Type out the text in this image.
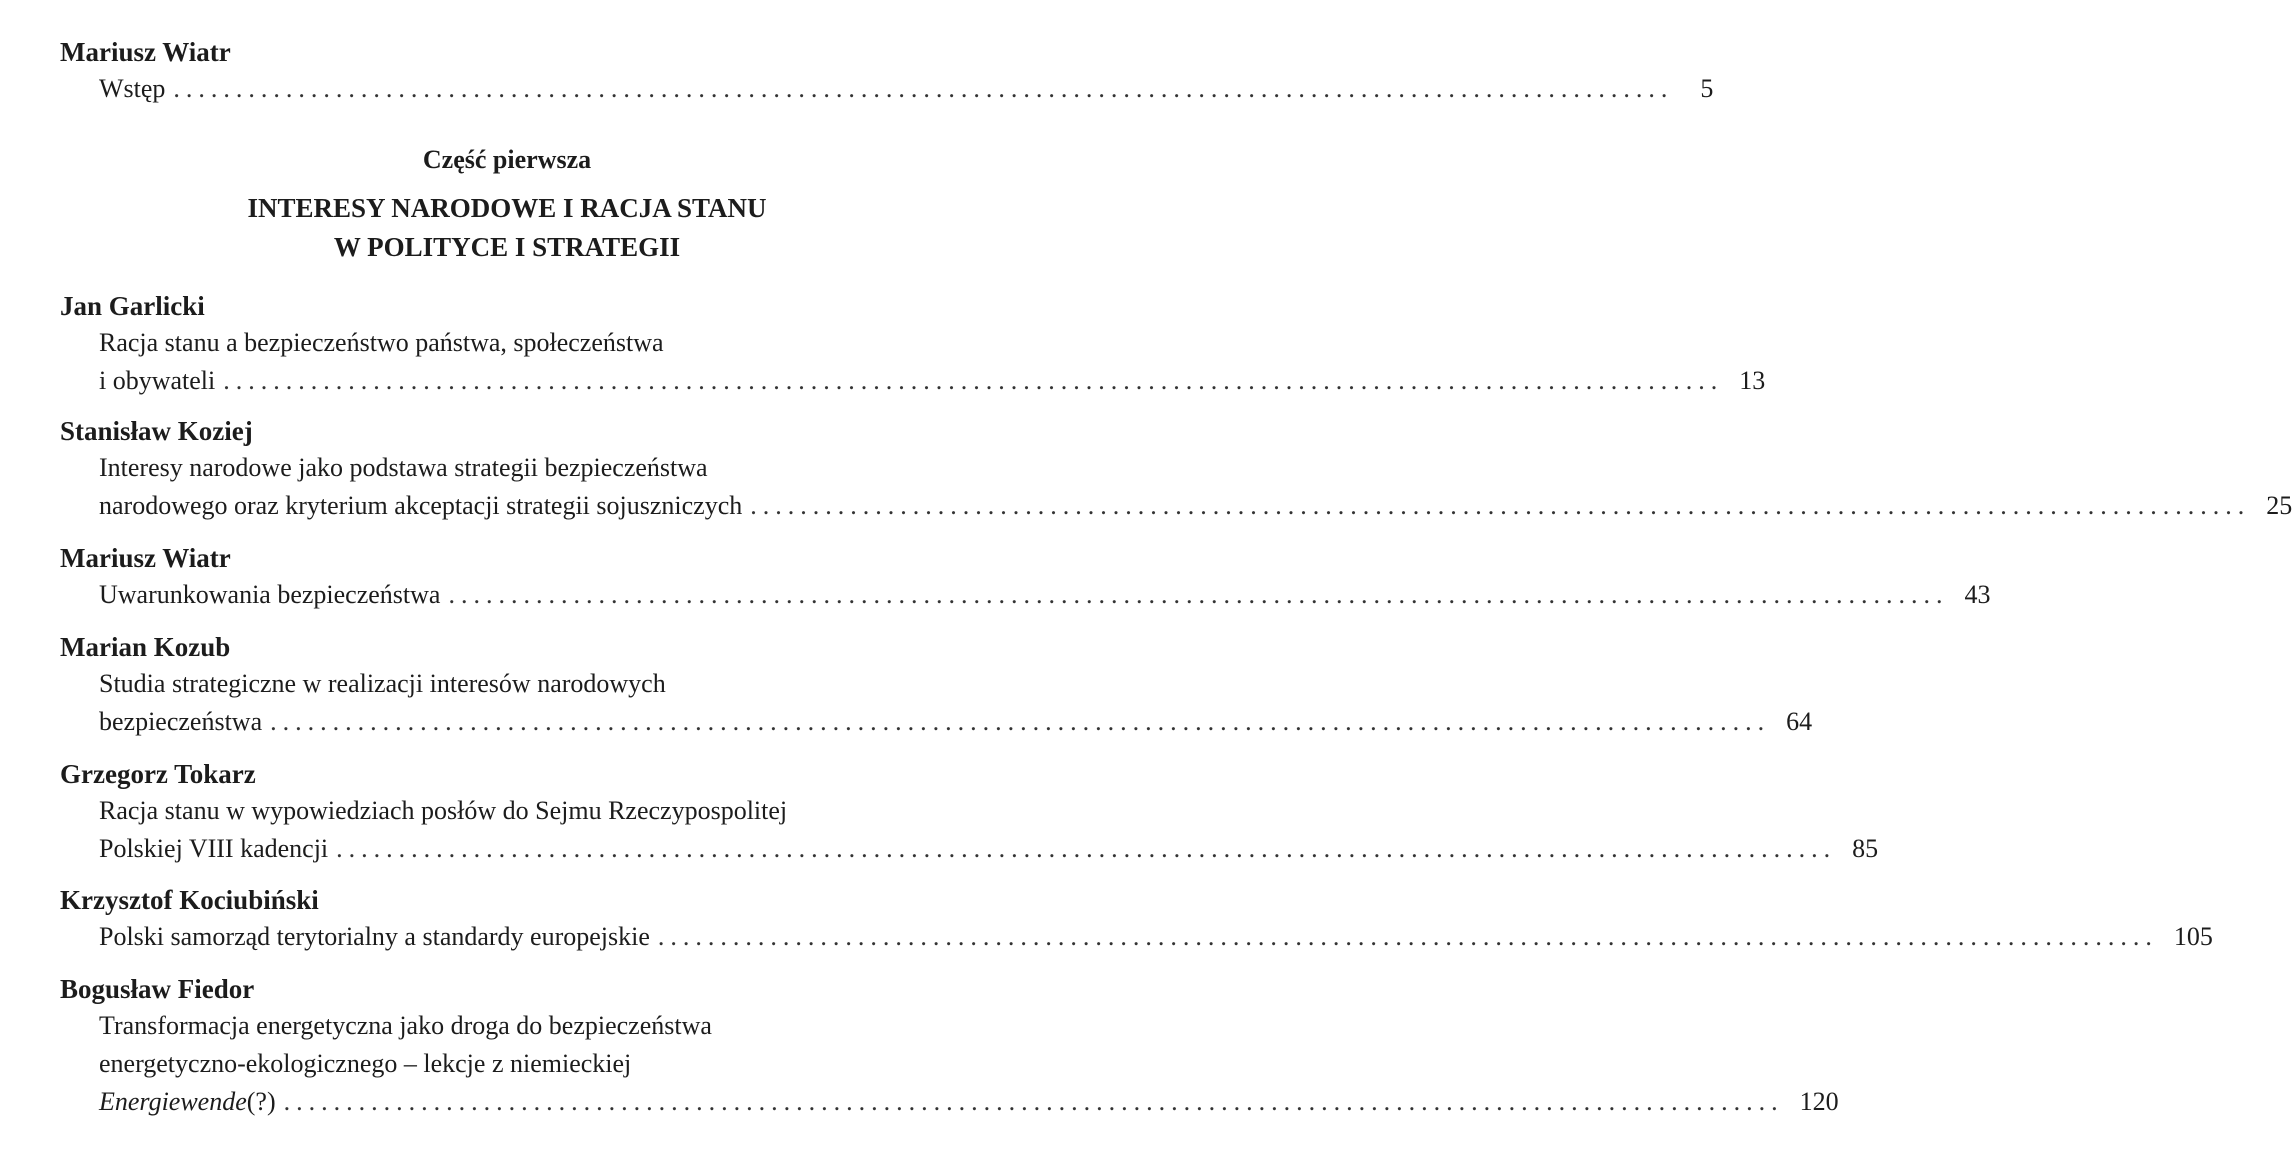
Mariusz Wiatr
Wstęp ........................................................................................................................	5
Część pierwsza
INTERESY NARODOWE I RACJA STANU
W POLITYCE I STRATEGII
Jan Garlicki
Racja stanu a bezpieczeństwo państwa, społeczeństwa
i obywateli ........................................................................................................................ 13
Stanisław Koziej
Interesy narodowe jako podstawa strategii bezpieczeństwa
narodowego oraz kryterium akceptacji strategii sojuszniczych ........................................................................................................................ 25
Mariusz Wiatr
Uwarunkowania bezpieczeństwa ........................................................................................................................ 43
Marian Kozub
Studia strategiczne w realizacji interesów narodowych
bezpieczeństwa ........................................................................................................................ 64
Grzegorz Tokarz
Racja stanu w wypowiedziach posłów do Sejmu Rzeczypospolitej
Polskiej VIII kadencji ........................................................................................................................ 85
Krzysztof Kociubiński
Polski samorząd terytorialny a standardy europejskie ........................................................................................................................ 105
Bogusław Fiedor
Transformacja energetyczna jako droga do bezpieczeństwa
energetyczno-ekologicznego – lekcje z niemieckiej
Energiewende(?) ........................................................................................................................ 120
